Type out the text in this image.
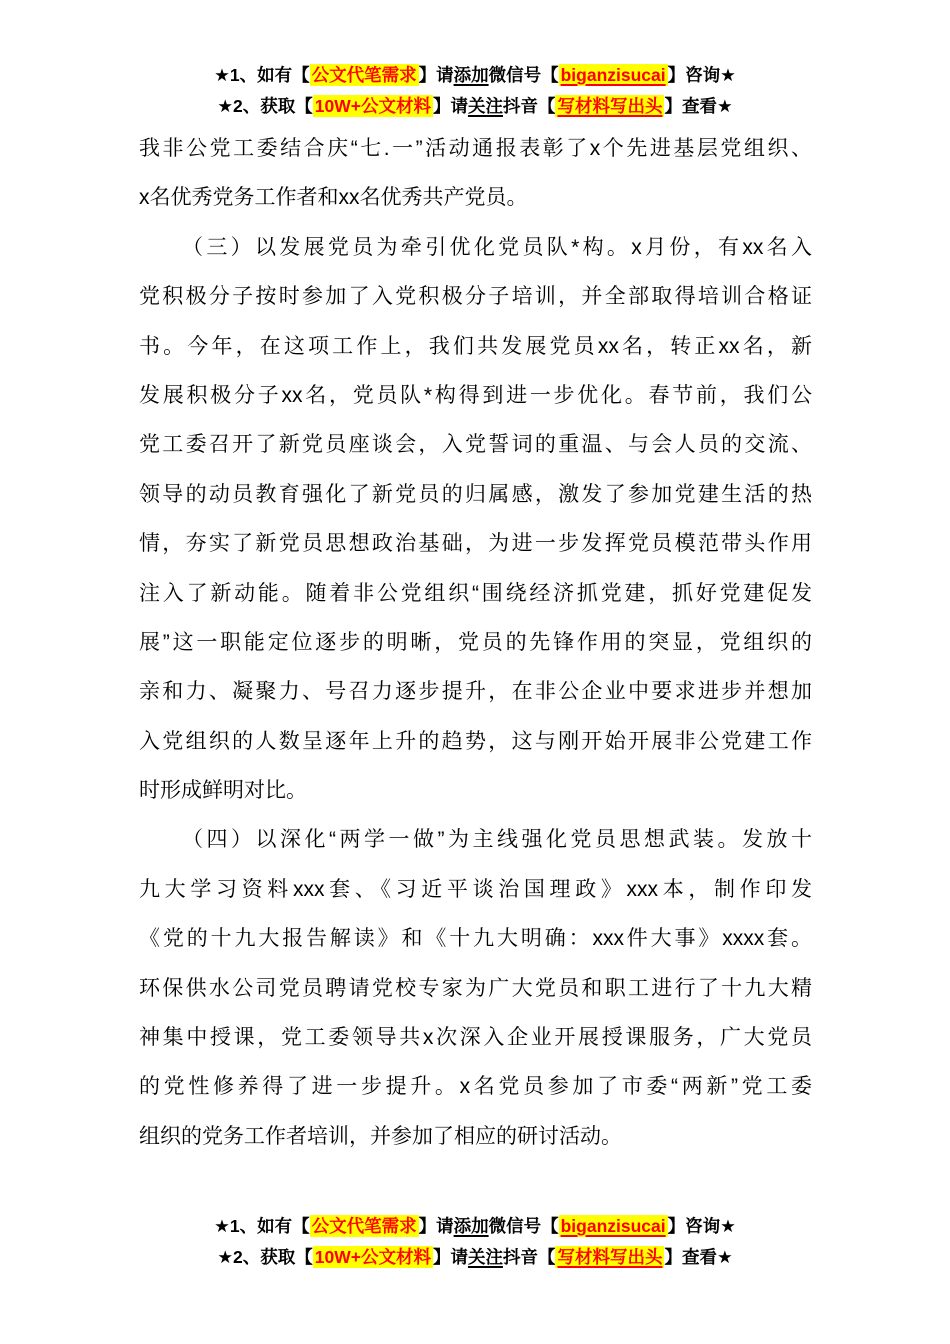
★1、如有【 公文代笔需求 】请添加微信号【 biganzisucai 】咨询★
★2、获取【 10W+公文材料 】请关注抖音【 写材料写出头 】查看★
我非公党工委结合庆“七.一”活动通报表彰了x个先进基层党组织、
x名优秀党务工作者和xx名优秀共产党员。
（三）以发展党员为牵引优化党员队*构。x月份，有xx名入
党积极分子按时参加了入党积极分子培训，并全部取得培训合格证
书。今年，在这项工作上，我们共发展党员xx名，转正xx名，新
发展积极分子xx名，党员队*构得到进一步优化。春节前，我们公
党工委召开了新党员座谈会，入党誓词的重温、与会人员的交流、
领导的动员教育强化了新党员的归属感，激发了参加党建生活的热
情，夯实了新党员思想政治基础，为进一步发挥党员模范带头作用
注入了新动能。随着非公党组织“围绕经济抓党建，抓好党建促发
展”这一职能定位逐步的明晰，党员的先锋作用的突显，党组织的
亲和力、凝聚力、号召力逐步提升，在非公企业中要求进步并想加
入党组织的人数呈逐年上升的趋势，这与刚开始开展非公党建工作
时形成鲜明对比。
（四）以深化“两学一做”为主线强化党员思想武装。发放十
九大学习资料xxx套、《习近平谈治国理政》xxx本，制作印发
《党的十九大报告解读》和《十九大明确：xxx件大事》xxxx套。
环保供水公司党员聘请党校专家为广大党员和职工进行了十九大精
神集中授课，党工委领导共x次深入企业开展授课服务，广大党员
的党性修养得了进一步提升。x名党员参加了市委“两新”党工委
组织的党务工作者培训，并参加了相应的研讨活动。
★1、如有【 公文代笔需求 】请添加微信号【 biganzisucai 】咨询★
★2、获取【 10W+公文材料 】请关注抖音【 写材料写出头 】查看★
